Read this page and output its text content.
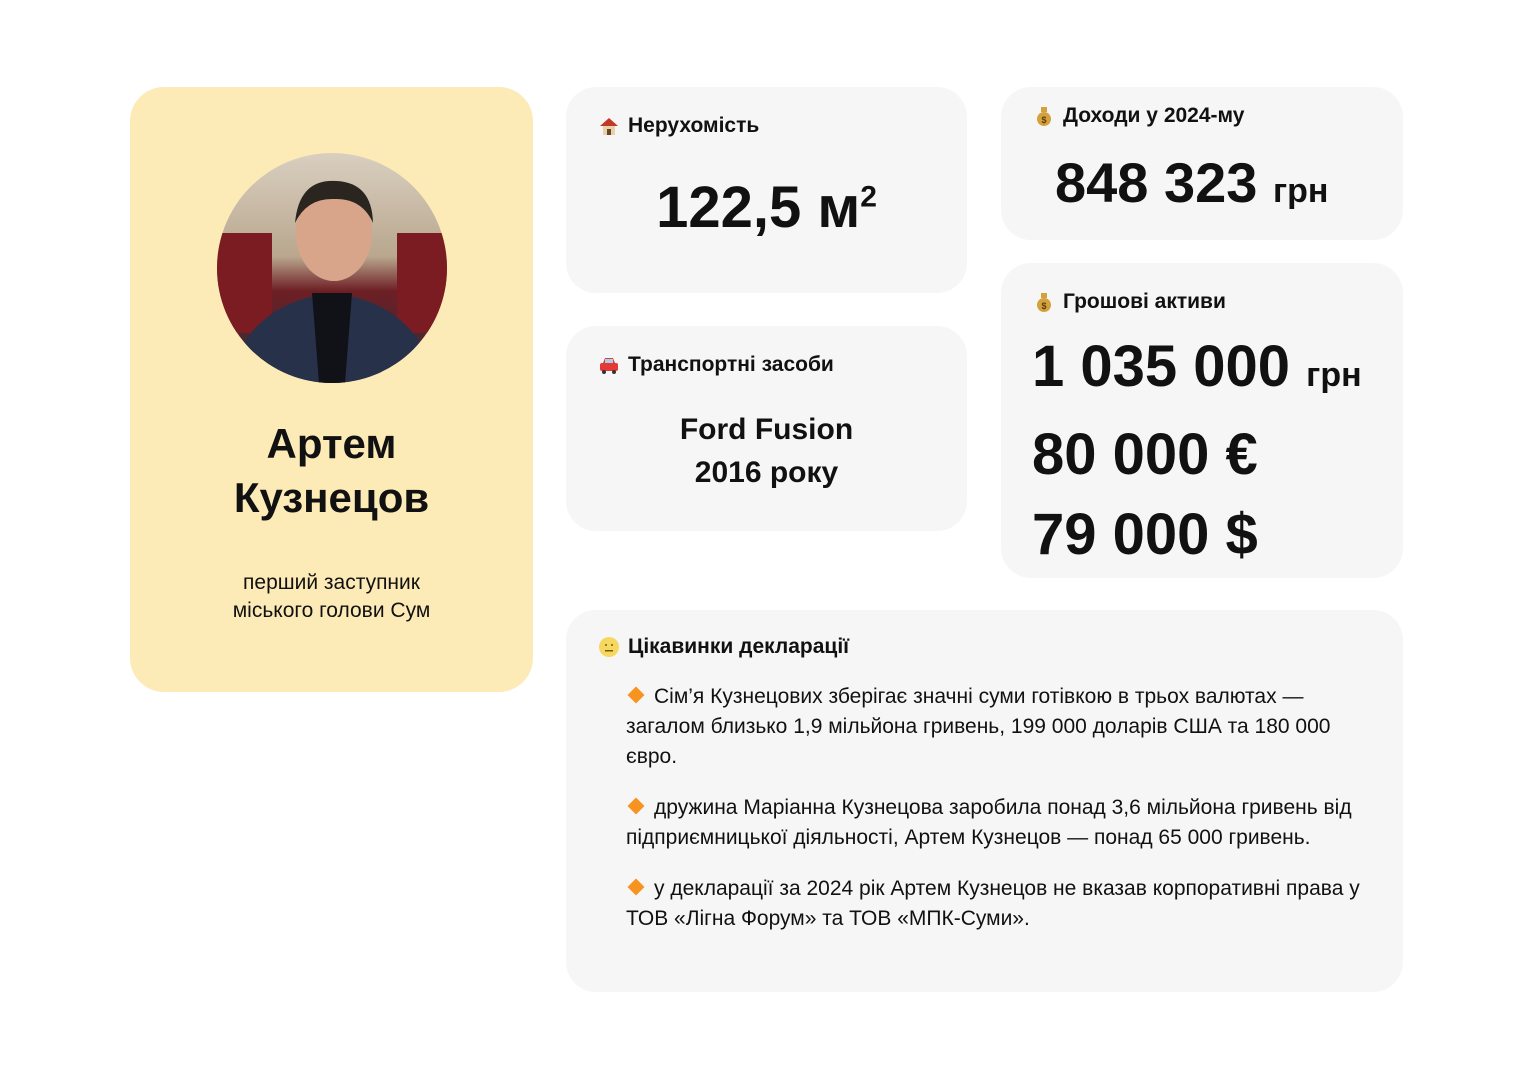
Артем
Кузнецов
перший заступник
міського голови Сум
Нерухомість
122,5 $м^2$
Транспортні засоби
Ford Fusion
2016 року
$ Доходи у 2024-му
848 323 грн
$ Грошові активи
1 035 000 грн
80 000 €
79 000 $
Цікавинки декларації

Сім’я Кузнецових зберігає значні суми готівкою в трьох валютах — загалом близько 1,9 мільйона гривень, 199 000 доларів США та 180 000 євро.

дружина Маріанна Кузнецова заробила понад 3,6 мільйона гривень від підприємницької діяльності, Артем Кузнецов — понад 65 000 гривень.

у декларації за 2024 рік Артем Кузнецов не вказав корпоративні права у ТОВ «Лігна Форум» та ТОВ «МПК-Суми».
